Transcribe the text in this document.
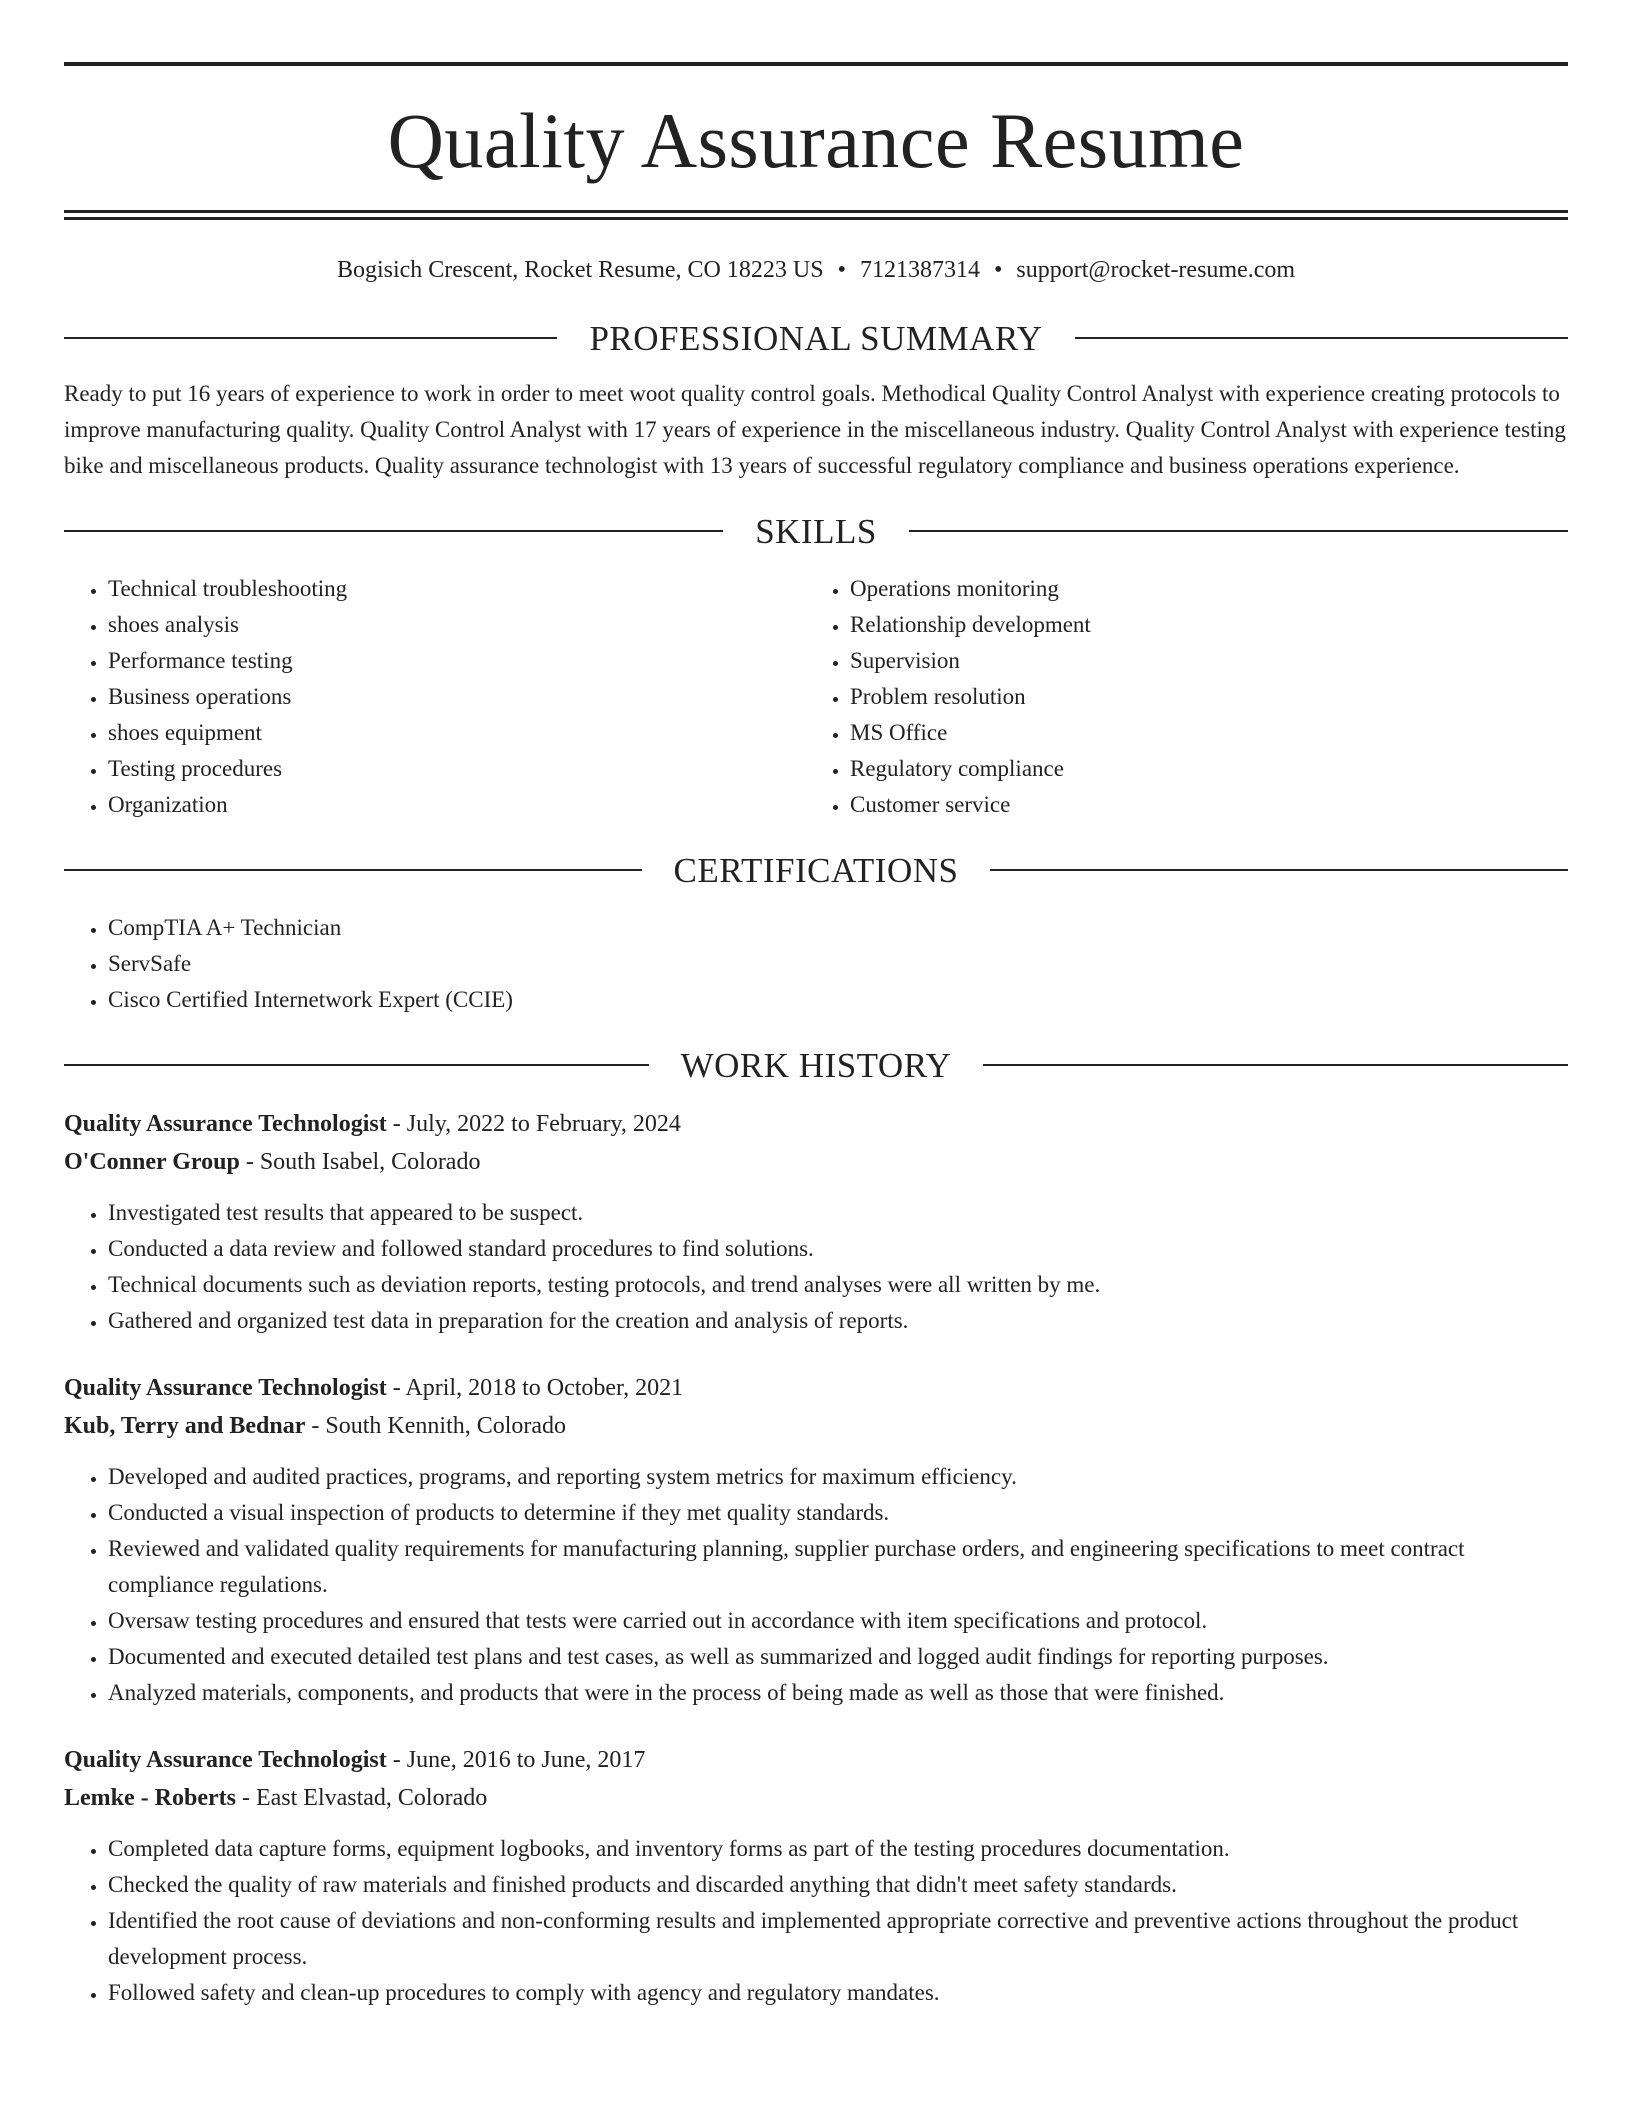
Quality Assurance Resume
Bogisich Crescent, Rocket Resume, CO 18223 US • 7121387314 • support@rocket-resume.com
PROFESSIONAL SUMMARY

Ready to put 16 years of experience to work in order to meet woot quality control goals. Methodical Quality Control Analyst with experience creating protocols to improve manufacturing quality. Quality Control Analyst with 17 years of experience in the miscellaneous industry. Quality Control Analyst with experience testing bike and miscellaneous products. Quality assurance technologist with 13 years of successful regulatory compliance and business operations experience.

SKILLS
• Technical troubleshooting
• shoes analysis
• Performance testing
• Business operations
• shoes equipment
• Testing procedures
• Organization
• Operations monitoring
• Relationship development
• Supervision
• Problem resolution
• MS Office
• Regulatory compliance
• Customer service
CERTIFICATIONS
• CompTIA A+ Technician
• ServSafe
• Cisco Certified Internetwork Expert (CCIE)
WORK HISTORY
Quality Assurance Technologist - July, 2022 to February, 2024
O'Conner Group - South Isabel, Colorado
• Investigated test results that appeared to be suspect.
• Conducted a data review and followed standard procedures to find solutions.
• Technical documents such as deviation reports, testing protocols, and trend analyses were all written by me.
• Gathered and organized test data in preparation for the creation and analysis of reports.
Quality Assurance Technologist - April, 2018 to October, 2021
Kub, Terry and Bednar - South Kennith, Colorado
• Developed and audited practices, programs, and reporting system metrics for maximum efficiency.
• Conducted a visual inspection of products to determine if they met quality standards.
• Reviewed and validated quality requirements for manufacturing planning, supplier purchase orders, and engineering specifications to meet contract compliance regulations.
• Oversaw testing procedures and ensured that tests were carried out in accordance with item specifications and protocol.
• Documented and executed detailed test plans and test cases, as well as summarized and logged audit findings for reporting purposes.
• Analyzed materials, components, and products that were in the process of being made as well as those that were finished.
Quality Assurance Technologist - June, 2016 to June, 2017
Lemke - Roberts - East Elvastad, Colorado
• Completed data capture forms, equipment logbooks, and inventory forms as part of the testing procedures documentation.
• Checked the quality of raw materials and finished products and discarded anything that didn't meet safety standards.
• Identified the root cause of deviations and non-conforming results and implemented appropriate corrective and preventive actions throughout the product development process.
• Followed safety and clean-up procedures to comply with agency and regulatory mandates.
